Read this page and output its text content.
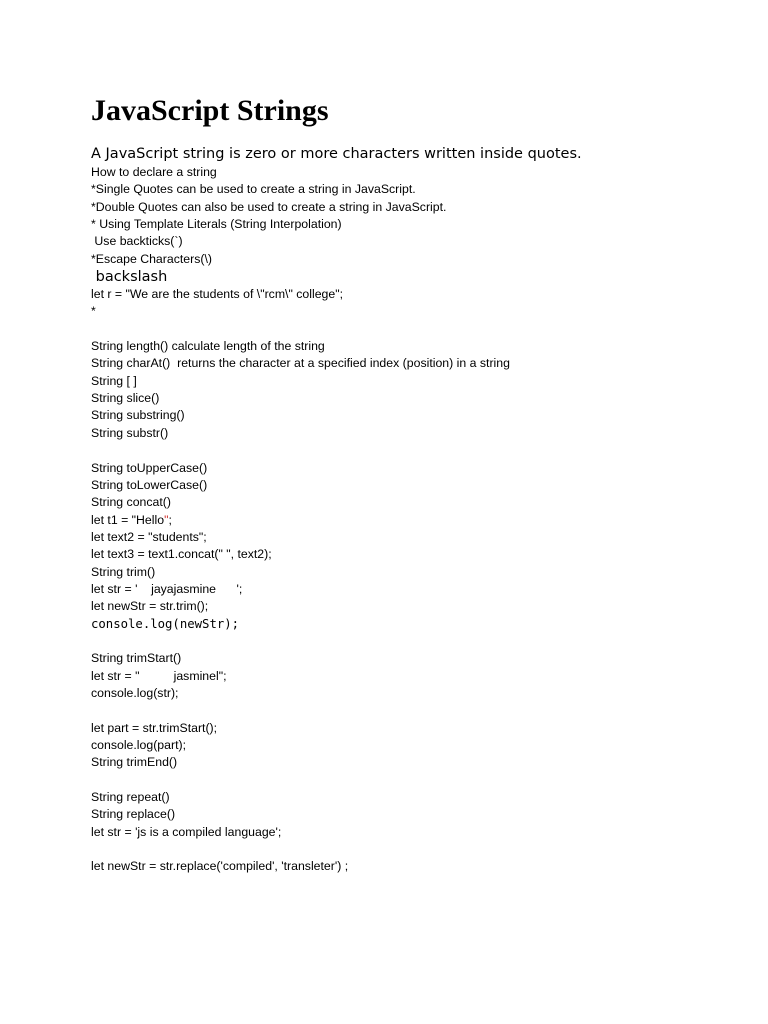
JavaScript Strings
A JavaScript string is zero or more characters written inside quotes.
How to declare a string
*Single Quotes can be used to create a string in JavaScript.
*Double Quotes can also be used to create a string in JavaScript.
* Using Template Literals (String Interpolation)
Use backticks(`)
*Escape Characters(\)
backslash
let r = "We are the students of \"rcm\" college";
*
String length() calculate length of the string
String charAt()  returns the character at a specified index (position) in a string
String [ ]
String slice()
String substring()
String substr()
String toUpperCase()
String toLowerCase()
String concat()
let t1 = "Hello";
let text2 = "students";
let text3 = text1.concat(" ", text2);
String trim()
let str = '    jayajasmine      ';
let newStr = str.trim();
console.log(newStr);
String trimStart()
let str = "          jasminel";
console.log(str);
let part = str.trimStart();
console.log(part);
String trimEnd()
String repeat()
String replace()
let str = 'js is a compiled language';
let newStr = str.replace('compiled', 'transleter') ;
